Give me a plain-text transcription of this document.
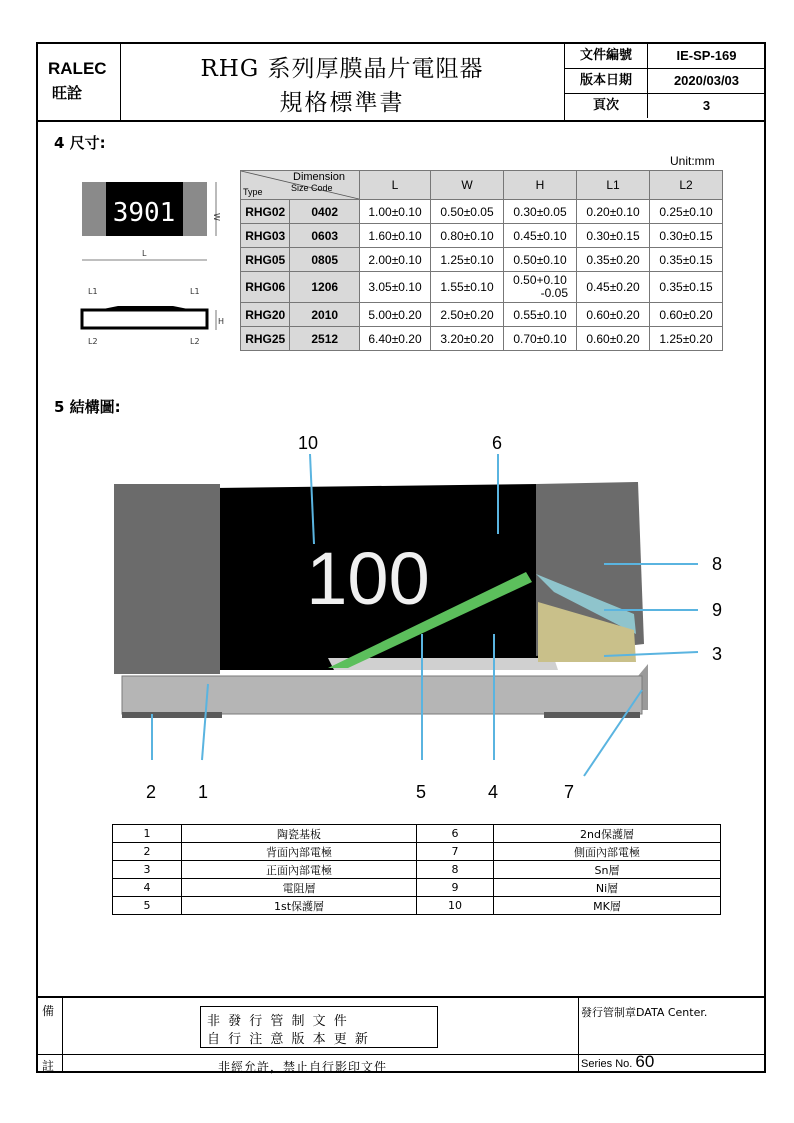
RALEC
旺詮
RHG 系列厚膜晶片電阻器
規格標準書
文件編號	IE-SP-169
版本日期	2020/03/03
頁次	3
4 尺寸:
Unit:mm
3901	W
L
L1	L1
H
L2	L2
Dimension
Size Code
Type		L	W	H	L1	L2
RHG02	0402	1.00±0.10	0.50±0.05	0.30±0.05	0.20±0.10	0.25±0.10
RHG03	0603	1.60±0.10	0.80±0.10	0.45±0.10	0.30±0.15	0.30±0.15
RHG05	0805	2.00±0.10	1.25±0.10	0.50±0.10	0.35±0.20	0.35±0.15
RHG06	1206	3.05±0.10	1.55±0.10	0.50+0.10
-0.05	0.45±0.20	0.35±0.15
RHG20	2010	5.00±0.20	2.50±0.20	0.55±0.10	0.60±0.20	0.60±0.20
RHG25	2512	6.40±0.20	3.20±0.20	0.70±0.10	0.60±0.20	1.25±0.20
5 結構圖:
100
10	6
8
9
3
2 1	5	4	7
1	陶瓷基板	6	2nd保護層
2	背面內部電極	7	側面內部電極
3	正面內部電極	8	Sn層
4	電阻層	9	Ni層
5	1st保護層	10	MK層
備
註
非 發 行 管 制 文 件
自 行 注 意 版 本 更 新
非經允許，禁止自行影印文件
發行管制章DATA Center.
Series No. 60
